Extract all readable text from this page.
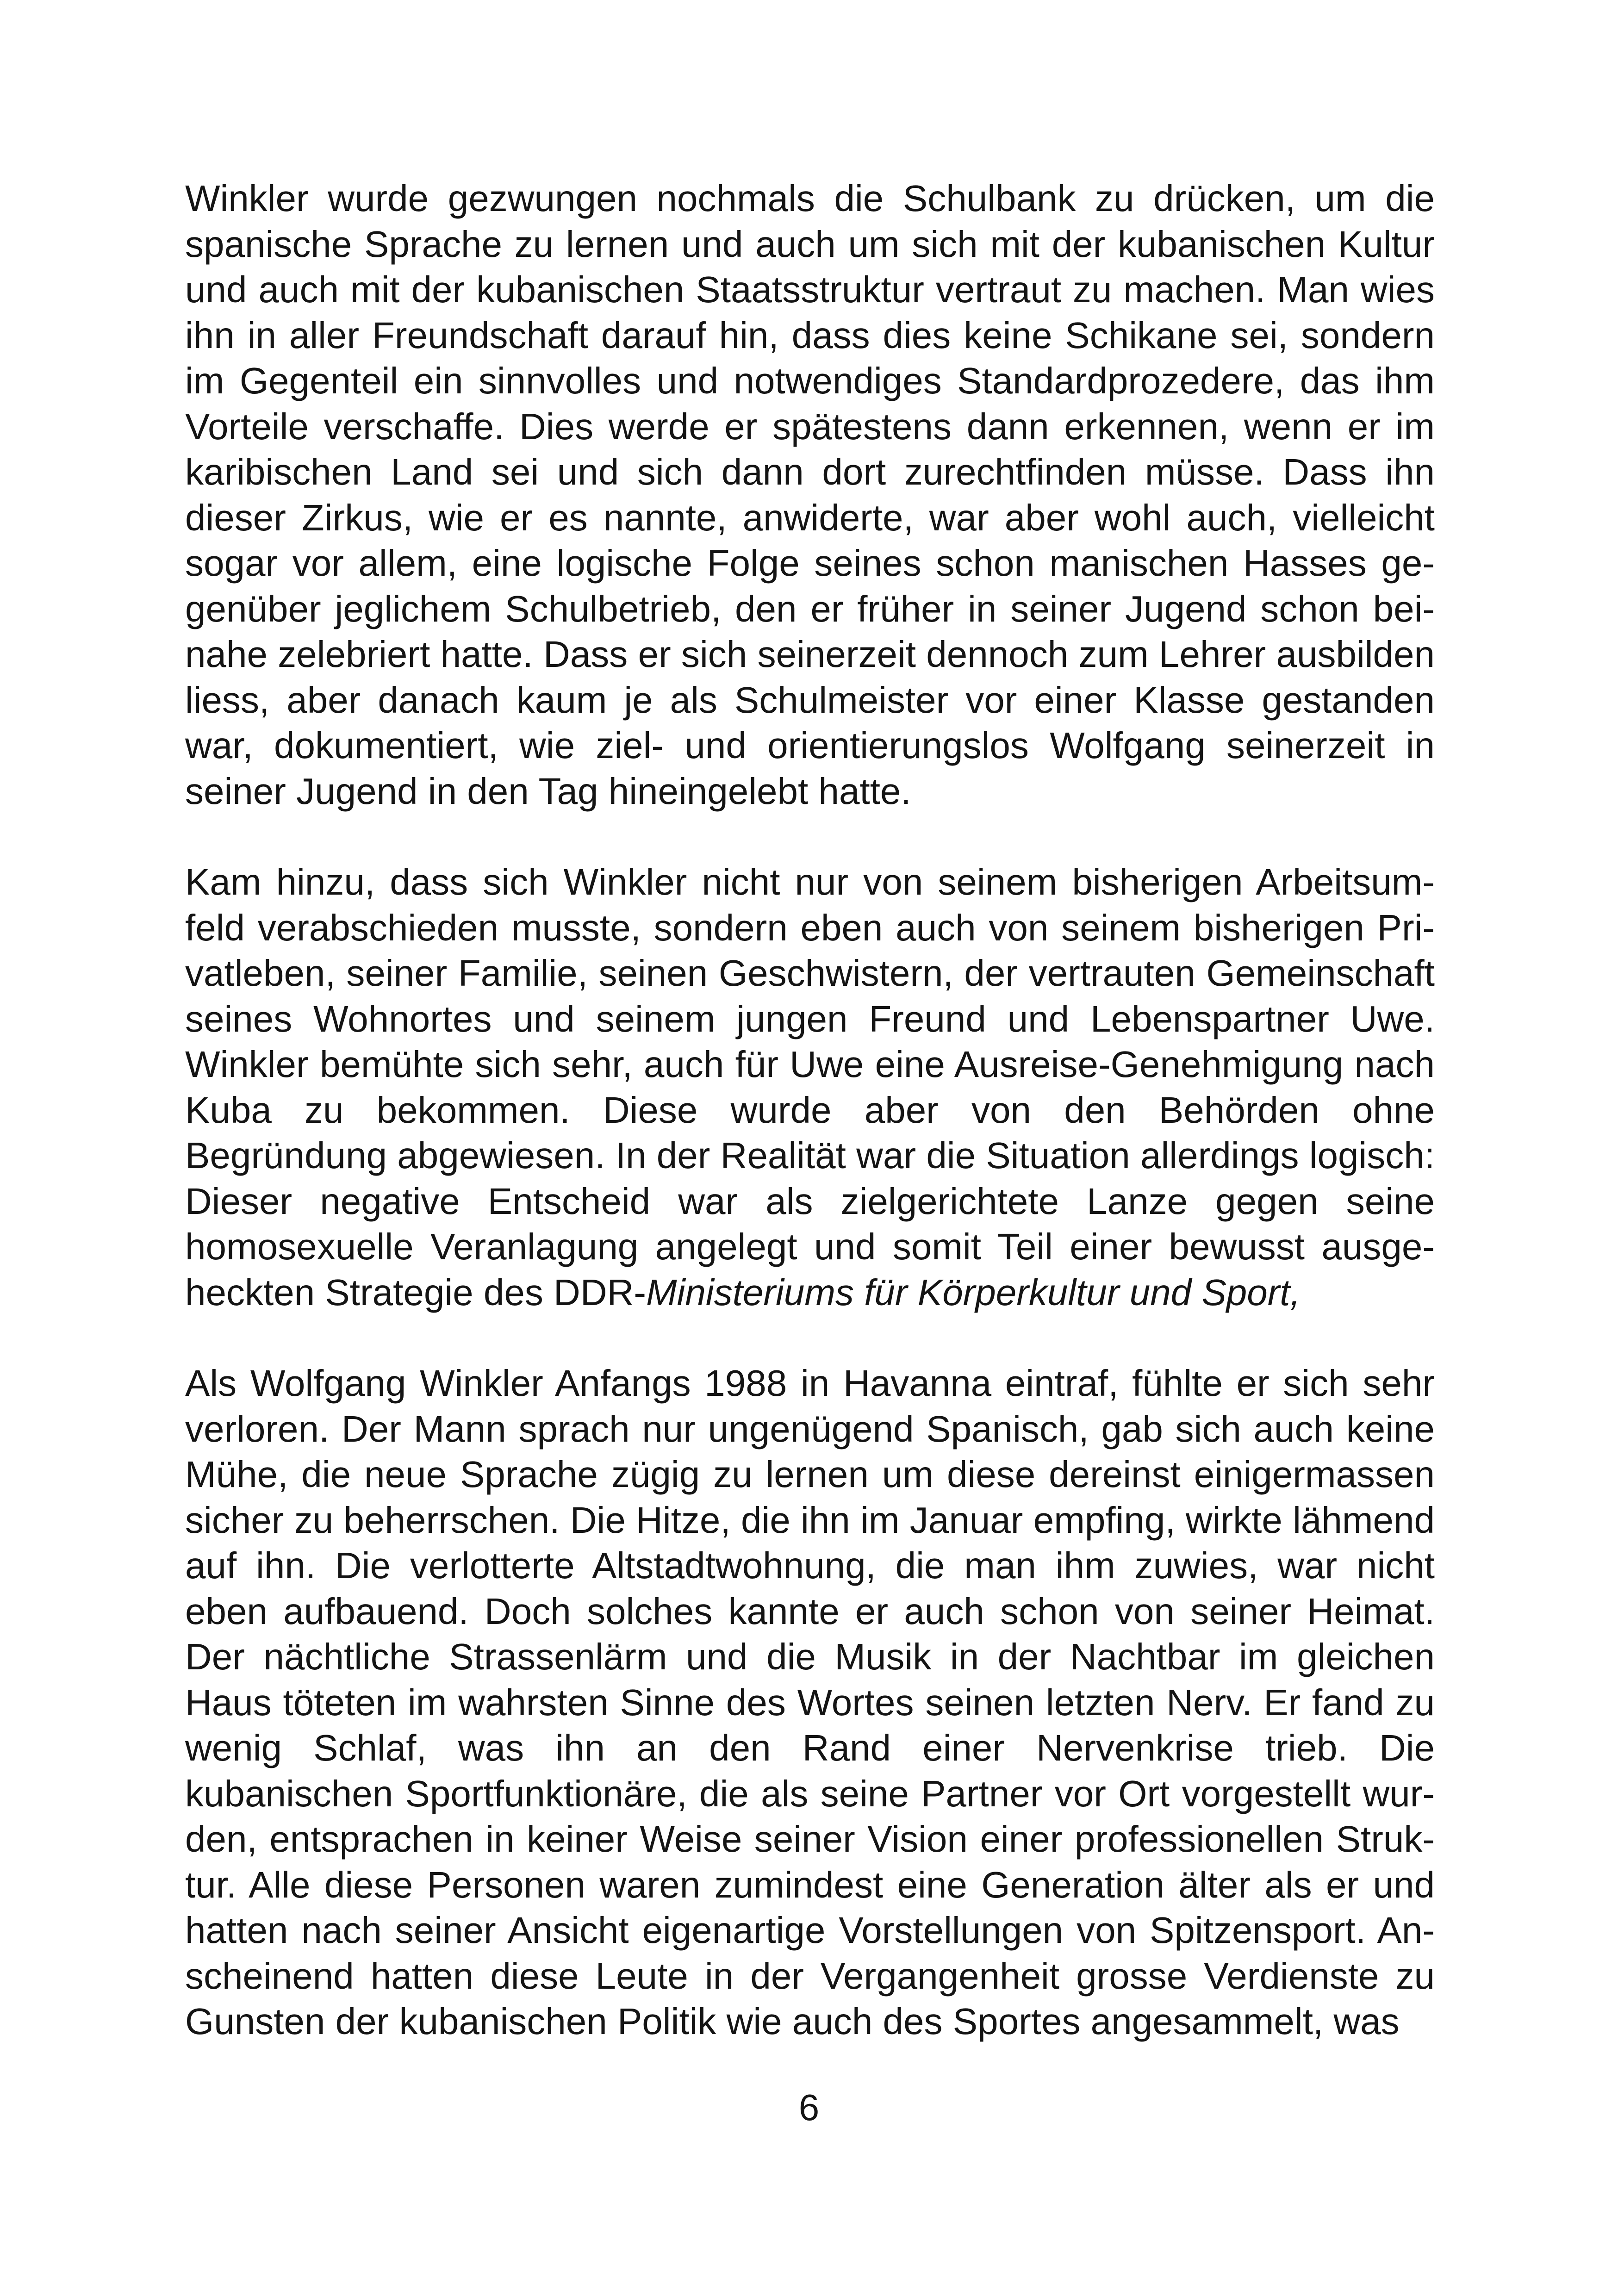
Winkler wurde gezwungen nochmals die Schulbank zu drücken, um die spanische Sprache zu lernen und auch um sich mit der kubanischen Kultur und auch mit der kubanischen Staatsstruktur vertraut zu machen. Man wies ihn in aller Freundschaft darauf hin, dass dies keine Schikane sei, sondern im Gegenteil ein sinnvolles und notwendiges Standardprozedere, das ihm Vorteile verschaffe. Dies werde er spätestens dann erkennen, wenn er im karibischen Land sei und sich dann dort zurechtfinden müsse. Dass ihn dieser Zirkus, wie er es nannte, anwiderte, war aber wohl auch, vielleicht sogar vor allem, eine logische Folge seines schon manischen Hasses gegenüber jeglichem Schulbetrieb, den er früher in seiner Jugend schon beinahe zelebriert hatte. Dass er sich seinerzeit dennoch zum Lehrer ausbilden liess, aber danach kaum je als Schulmeister vor einer Klasse gestanden war, dokumentiert, wie ziel- und orientierungslos Wolfgang seinerzeit in seiner Jugend in den Tag hineingelebt hatte.

Kam hinzu, dass sich Winkler nicht nur von seinem bisherigen Arbeitsumfeld verabschieden musste, sondern eben auch von seinem bisherigen Privatleben, seiner Familie, seinen Geschwistern, der vertrauten Gemeinschaft seines Wohnortes und seinem jungen Freund und Lebenspartner Uwe. Winkler bemühte sich sehr, auch für Uwe eine Ausreise-Genehmigung nach Kuba zu bekommen. Diese wurde aber von den Behörden ohne Begründung abgewiesen. In der Realität war die Situation allerdings logisch: Dieser negative Entscheid war als zielgerichtete Lanze gegen seine homosexuelle Veranlagung angelegt und somit Teil einer bewusst ausgeheckten Strategie des DDR-Ministeriums für Körperkultur und Sport,

Als Wolfgang Winkler Anfangs 1988 in Havanna eintraf, fühlte er sich sehr verloren. Der Mann sprach nur ungenügend Spanisch, gab sich auch keine Mühe, die neue Sprache zügig zu lernen um diese dereinst einigermassen sicher zu beherrschen. Die Hitze, die ihn im Januar empfing, wirkte lähmend auf ihn. Die verlotterte Altstadtwohnung, die man ihm zuwies, war nicht eben aufbauend. Doch solches kannte er auch schon von seiner Heimat. Der nächtliche Strassenlärm und die Musik in der Nachtbar im gleichen Haus töteten im wahrsten Sinne des Wortes seinen letzten Nerv. Er fand zu wenig Schlaf, was ihn an den Rand einer Nervenkrise trieb. Die kubanischen Sportfunktionäre, die als seine Partner vor Ort vorgestellt wurden, entsprachen in keiner Weise seiner Vision einer professionellen Struktur. Alle diese Personen waren zumindest eine Generation älter als er und hatten nach seiner Ansicht eigenartige Vorstellungen von Spitzensport. Anscheinend hatten diese Leute in der Vergangenheit grosse Verdienste zu Gunsten der kubanischen Politik wie auch des Sportes angesammelt, was

6
